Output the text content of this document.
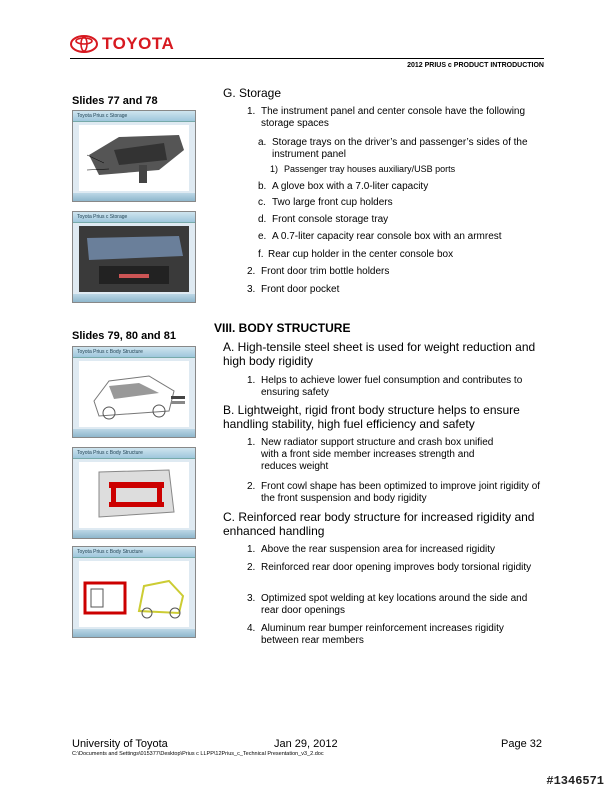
TOYOTA
2012 PRIUS c PRODUCT INTRODUCTION
Slides 77 and 78
Toyota Prius c Storage
Toyota Prius c Storage
Slides 79, 80 and 81
Toyota Prius c Body Structure
Toyota Prius c Body Structure
Toyota Prius c Body Structure
G. Storage
1. The instrument panel and center console have the following storage spaces
a. Storage trays on the driver’s and passenger’s sides of the instrument panel
1) Passenger tray houses auxiliary/USB ports
b. A glove box with a 7.0-liter capacity
c. Two large front cup holders
d. Front console storage tray
e. A 0.7-liter capacity rear console box with an armrest
f. Rear cup holder in the center console box
2. Front door trim bottle holders
3. Front door pocket
VIII. BODY STRUCTURE
A. High-tensile steel sheet is used for weight reduction and high body rigidity
1. Helps to achieve lower fuel consumption and contributes to ensuring safety
B. Lightweight, rigid front body structure helps to ensure handling stability, high fuel efficiency and safety
1. New radiator support structure and crash box unified with a front side member increases strength and reduces weight
2. Front cowl shape has been optimized to improve joint rigidity of the front suspension and body rigidity
C. Reinforced rear body structure for increased rigidity and enhanced handling
1. Above the rear suspension area for increased rigidity
2. Reinforced rear door opening improves body torsional rigidity
3. Optimized spot welding at key locations around the side and rear door openings
4. Aluminum rear bumper reinforcement increases rigidity between rear members
University of Toyota	Jan 29, 2012	Page 32
C:\Documents and Settings\015377\Desktop\Prius c LLPP\12Prius_c_Technical Presentation_v3_2.doc
#1346571
